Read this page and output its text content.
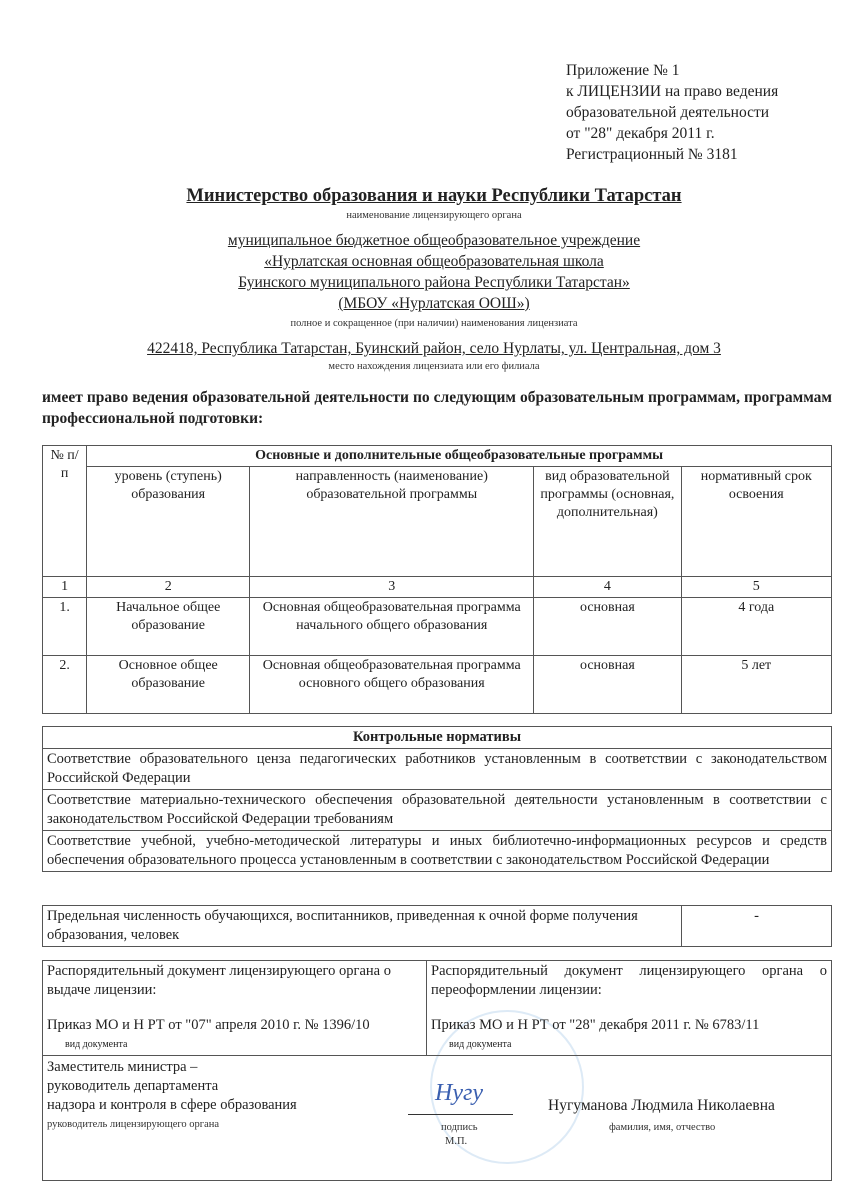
Приложение № 1
к ЛИЦЕНЗИИ на право ведения
образовательной деятельности
от "28" декабря 2011 г.
Регистрационный № 3181
Министерство образования и науки Республики Татарстан
наименование лицензирующего органа
муниципальное бюджетное общеобразовательное учреждение
«Нурлатская основная общеобразовательная школа
Буинского муниципального района Республики Татарстан»
(МБОУ «Нурлатская ООШ»)
полное и сокращенное (при наличии) наименования лицензиата
422418, Республика Татарстан, Буинский район, село Нурлаты, ул. Центральная, дом 3
место нахождения лицензиата или его филиала
имеет право ведения образовательной деятельности по следующим образовательным программам, программам профессиональной подготовки:
№ п/п	Основные и дополнительные общеобразовательные программы			
	уровень (ступень) образования	направленность (наименование) образовательной программы	вид образовательной программы (основная, дополнительная)	нормативный срок освоения
1	2	3	4	5
1.	Начальное общее образование	Основная общеобразовательная программа начального общего образования	основная	4 года
2.	Основное общее образование	Основная общеобразовательная программа основного общего образования	основная	5 лет
Контрольные нормативы
Соответствие образовательного ценза педагогических работников установленным в соответствии с законодательством Российской Федерации
Соответствие материально-технического обеспечения образовательной деятельности установленным в соответствии с законодательством Российской Федерации требованиям
Соответствие учебной, учебно-методической литературы и иных библиотечно-информационных ресурсов и средств обеспечения образовательного процесса установленным в соответствии с законодательством Российской Федерации
Предельная численность обучающихся, воспитанников, приведенная к очной форме получения образования, человек	-
Распорядительный документ лицензирующего органа о выдаче лицензии:
Приказ МО и Н РТ от "07" апреля 2010 г. № 1396/10
вид документа

Распорядительный документ лицензирующего органа о переоформлении лицензии:
Приказ МО и Н РТ от "28" декабря 2011 г. № 6783/11
вид документа
Заместитель министра –
руководитель департамента
надзора и контроля в сфере образования
руководитель лицензирующего органа
Нугу
подпись
М.П.
Нугуманова Людмила Николаевна
фамилия, имя, отчество
